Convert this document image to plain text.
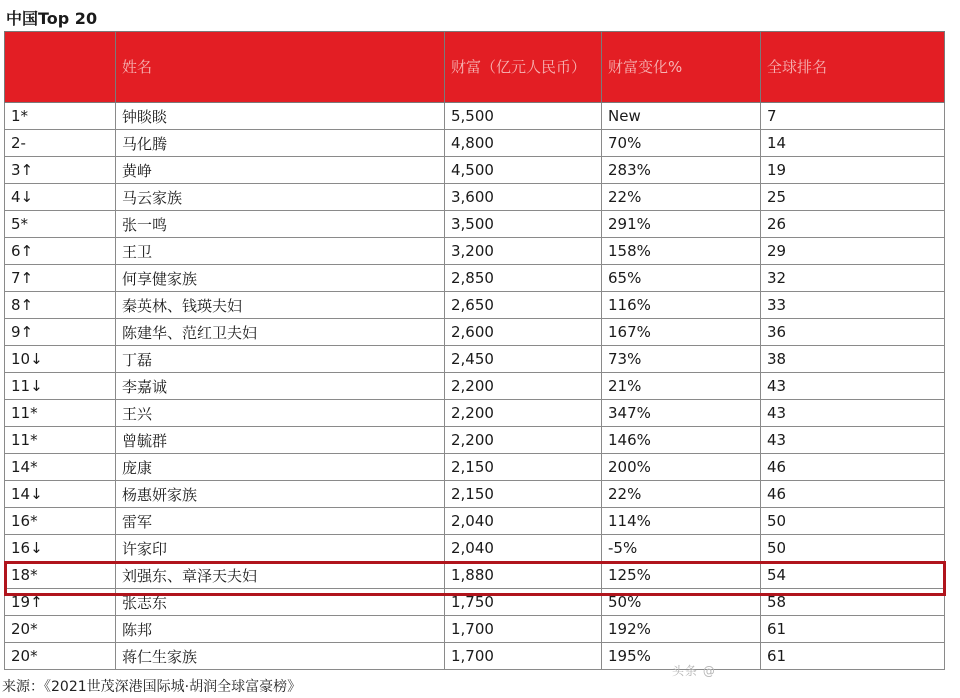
中国Top 20
	姓名	财富（亿元人民币）	财富变化%	全球排名
1*	钟睒睒	5,500	New	7
2-	马化腾	4,800	70%	14
3↑	黄峥	4,500	283%	19
4↓	马云家族	3,600	22%	25
5*	张一鸣	3,500	291%	26
6↑	王卫	3,200	158%	29
7↑	何享健家族	2,850	65%	32
8↑	秦英林、钱瑛夫妇	2,650	116%	33
9↑	陈建华、范红卫夫妇	2,600	167%	36
10↓	丁磊	2,450	73%	38
11↓	李嘉诚	2,200	21%	43
11*	王兴	2,200	347%	43
11*	曾毓群	2,200	146%	43
14*	庞康	2,150	200%	46
14↓	杨惠妍家族	2,150	22%	46
16*	雷军	2,040	114%	50
16↓	许家印	2,040	-5%	50
18*	刘强东、章泽天夫妇	1,880	125%	54
19↑	张志东	1,750	50%	58
20*	陈邦	1,700	192%	61
20*	蒋仁生家族	1,700	195%	61
来源：《2021世茂深港国际城·胡润全球富豪榜》
头条 @
